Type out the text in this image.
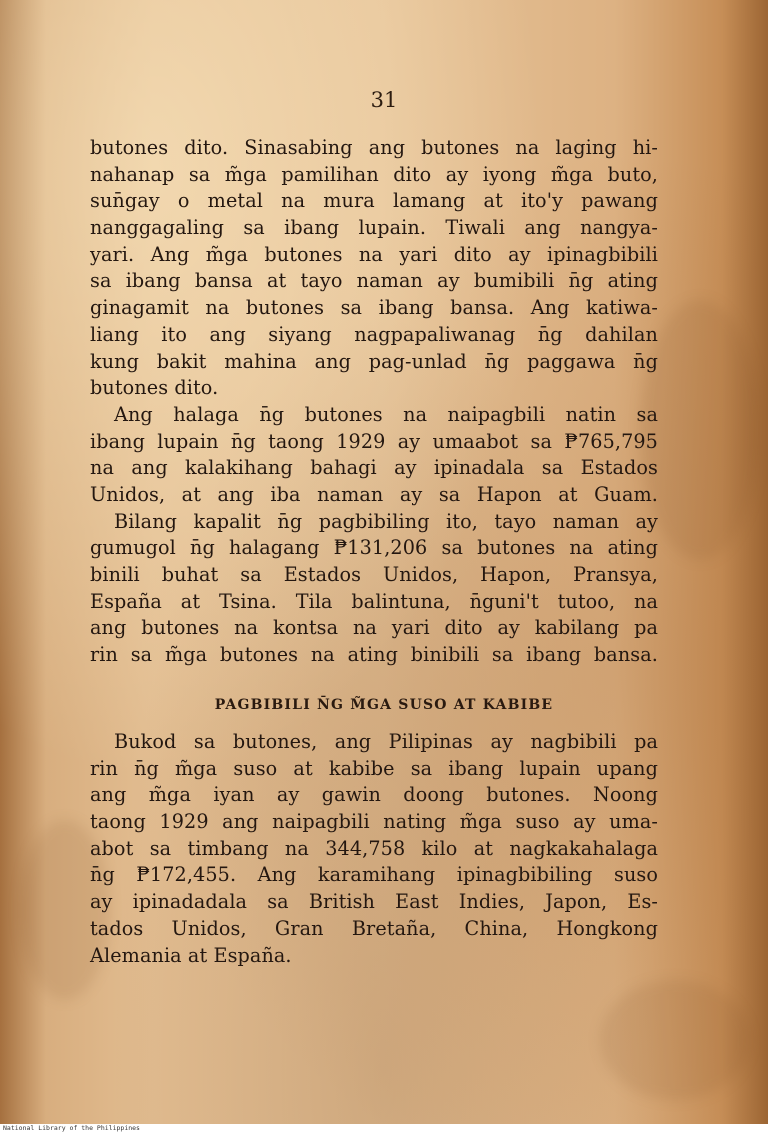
31
butones dito. Sinasabing ang butones na laging hi-
nahanap sa m̃ga pamilihan dito ay iyong m̃ga buto,
sun̄gay o metal na mura lamang at ito'y pawang
nanggagaling sa ibang lupain. Tiwali ang nangya-
yari. Ang m̃ga butones na yari dito ay ipinagbibili
sa ibang bansa at tayo naman ay bumibili n̄g ating
ginagamit na butones sa ibang bansa. Ang katiwa-
liang ito ang siyang nagpapaliwanag n̄g dahilan
kung bakit mahina ang pag-unlad n̄g paggawa n̄g
butones dito.
Ang halaga n̄g butones na naipagbili natin sa
ibang lupain n̄g taong 1929 ay umaabot sa ₱765,795
na ang kalakihang bahagi ay ipinadala sa Estados
Unidos, at ang iba naman ay sa Hapon at Guam.
Bilang kapalit n̄g pagbibiling ito, tayo naman ay
gumugol n̄g halagang ₱131,206 sa butones na ating
binili buhat sa Estados Unidos, Hapon, Pransya,
España at Tsina. Tila balintuna, n̄guni't tutoo, na
ang butones na kontsa na yari dito ay kabilang pa
rin sa m̃ga butones na ating binibili sa ibang bansa.
PAGBIBILI N̄G M̃GA SUSO AT KABIBE
Bukod sa butones, ang Pilipinas ay nagbibili pa
rin n̄g m̃ga suso at kabibe sa ibang lupain upang
ang m̃ga iyan ay gawin doong butones. Noong
taong 1929 ang naipagbili nating m̃ga suso ay uma-
abot sa timbang na 344,758 kilo at nagkakahalaga
n̄g ₱172,455. Ang karamihang ipinagbibiling suso
ay ipinadadala sa British East Indies, Japon, Es-
tados Unidos, Gran Bretaña, China, Hongkong
Alemania at España.
National Library of the Philippines
